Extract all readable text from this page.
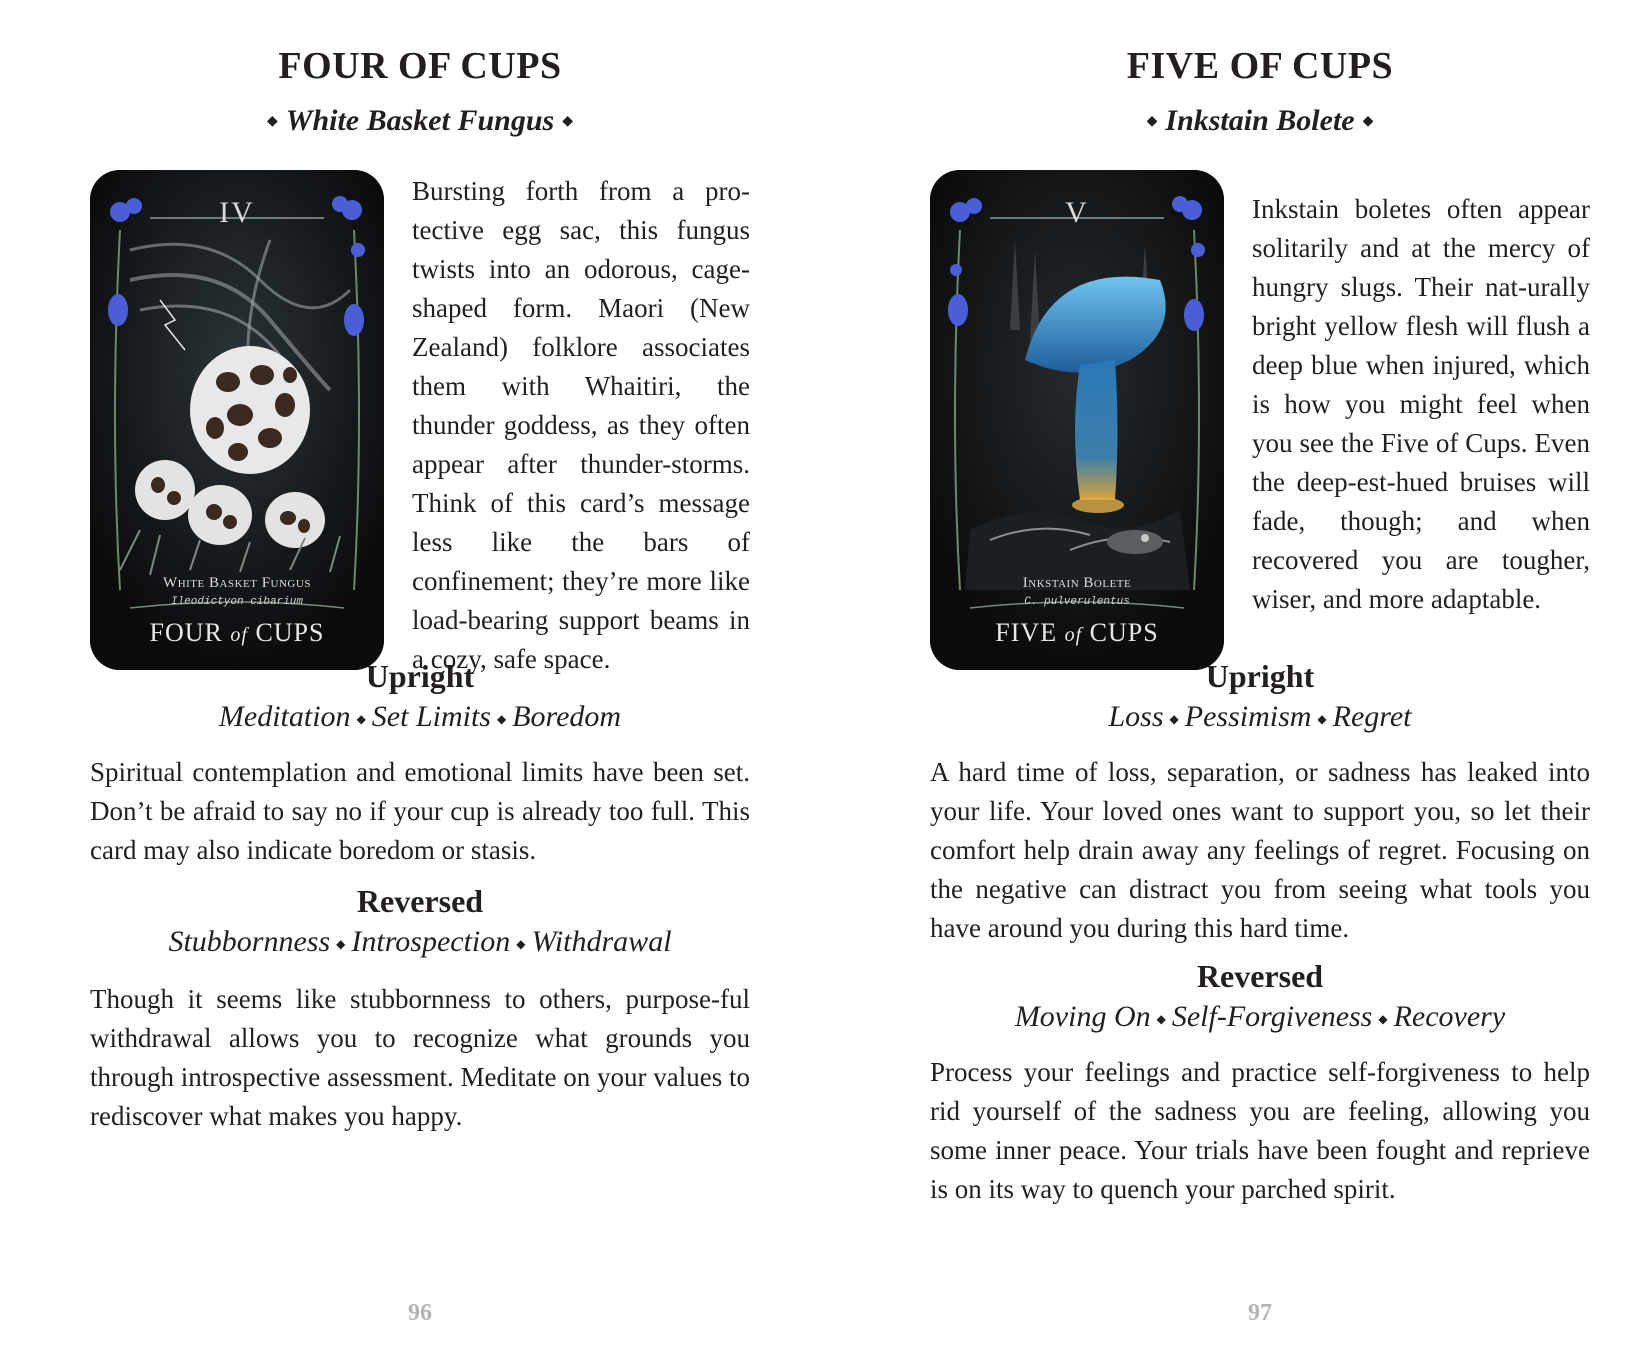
FOUR OF CUPS
◆ White Basket Fungus ◆
IV
White Basket Fungus
Ileodictyon cibarium
FOUR of CUPS

Bursting forth from a pro-tective egg sac, this fungus twists into an odorous, cage-shaped form. Maori (New Zealand) folklore associates them with Whaitiri, the thunder goddess, as they often appear after thunder-storms. Think of this card’s message less like the bars of confinement; they’re more like load-bearing support beams in a cozy, safe space.

Upright

Meditation ◆ Set Limits ◆ Boredom

Spiritual contemplation and emotional limits have been set. Don’t be afraid to say no if your cup is already too full. This card may also indicate boredom or stasis.

Reversed

Stubbornness ◆ Introspection ◆ Withdrawal

Though it seems like stubbornness to others, purpose-ful withdrawal allows you to recognize what grounds you through introspective assessment. Meditate on your values to rediscover what makes you happy.

96

FIVE OF CUPS
◆ Inkstain Bolete ◆
V
Inkstain Bolete
C. pulverulentus
FIVE of CUPS

Inkstain boletes often appear solitarily and at the mercy of hungry slugs. Their nat-urally bright yellow flesh will flush a deep blue when injured, which is how you might feel when you see the Five of Cups. Even the deep-est-hued bruises will fade, though; and when recovered you are tougher, wiser, and more adaptable.

Upright

Loss ◆ Pessimism ◆ Regret

A hard time of loss, separation, or sadness has leaked into your life. Your loved ones want to support you, so let their comfort help drain away any feelings of regret. Focusing on the negative can distract you from seeing what tools you have around you during this hard time.

Reversed

Moving On ◆ Self-Forgiveness ◆ Recovery

Process your feelings and practice self-forgiveness to help rid yourself of the sadness you are feeling, allowing you some inner peace. Your trials have been fought and reprieve is on its way to quench your parched spirit.

97
